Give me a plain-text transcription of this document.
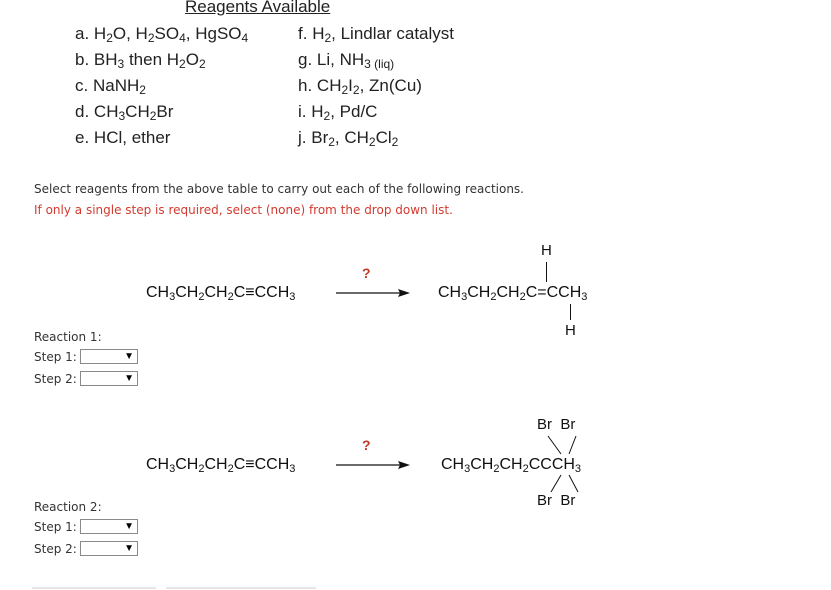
Reagents Available
a. $H_2O$, $H_2SO_4$, HgSO$_4$
b. $BH_3$ then $H_2O_2$
c. NaNH$_2$
d. $CH_3CH_2Br$
e. HCl, ether
f. $H_2$, Lindlar catalyst
g. Li, $NH_{3 (liq)}$
h. $CH_2I_2$, Zn(Cu)
i. $H_2$, Pd/C
j. $Br_2$, $CH_2Cl_2$
Select reagents from the above table to carry out each of the following reactions.
If only a single step is required, select (none) from the drop down list.
$CH_3CH_2CH_2C\equiv CCH_3$
?
$CH_3CH_2CH_2C=CCH_3$
H
H
Reaction 1:
Step 1:	▼
Step 2:	▼
$CH_3CH_2CH_2C\equiv CCH_3$
?
$CH_3CH_2CH_2CCCH_3$
Br  Br
Br  Br
Reaction 2:
Step 1:	▼
Step 2:	▼
